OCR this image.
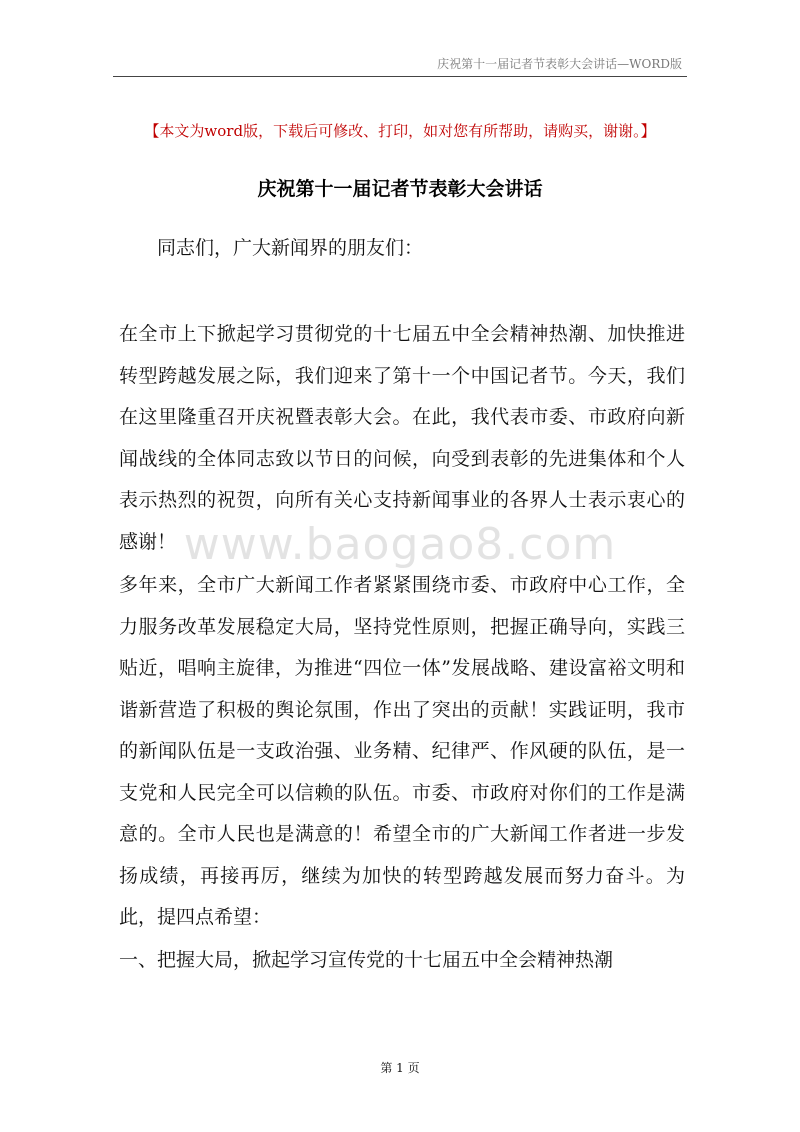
庆祝第十一届记者节表彰大会讲话—WORD版
【本文为word版，下载后可修改、打印，如对您有所帮助，请购买，谢谢。】
庆祝第十一届记者节表彰大会讲话
同志们，广大新闻界的朋友们：
在全市上下掀起学习贯彻党的十七届五中全会精神热潮、加快推进转型跨越发展之际，我们迎来了第十一个中国记者节。今天，我们在这里隆重召开庆祝暨表彰大会。在此，我代表市委、市政府向新闻战线的全体同志致以节日的问候，向受到表彰的先进集体和个人表示热烈的祝贺，向所有关心支持新闻事业的各界人士表示衷心的感谢！
多年来，全市广大新闻工作者紧紧围绕市委、市政府中心工作，全力服务改革发展稳定大局，坚持党性原则，把握正确导向，实践三贴近，唱响主旋律，为推进“四位一体”发展战略、建设富裕文明和谐新营造了积极的舆论氛围，作出了突出的贡献！实践证明，我市的新闻队伍是一支政治强、业务精、纪律严、作风硬的队伍，是一支党和人民完全可以信赖的队伍。市委、市政府对你们的工作是满意的。全市人民也是满意的！希望全市的广大新闻工作者进一步发扬成绩，再接再厉，继续为加快的转型跨越发展而努力奋斗。为此，提四点希望：
一、把握大局，掀起学习宣传党的十七届五中全会精神热潮
www.baogao8.com
第 1 页
